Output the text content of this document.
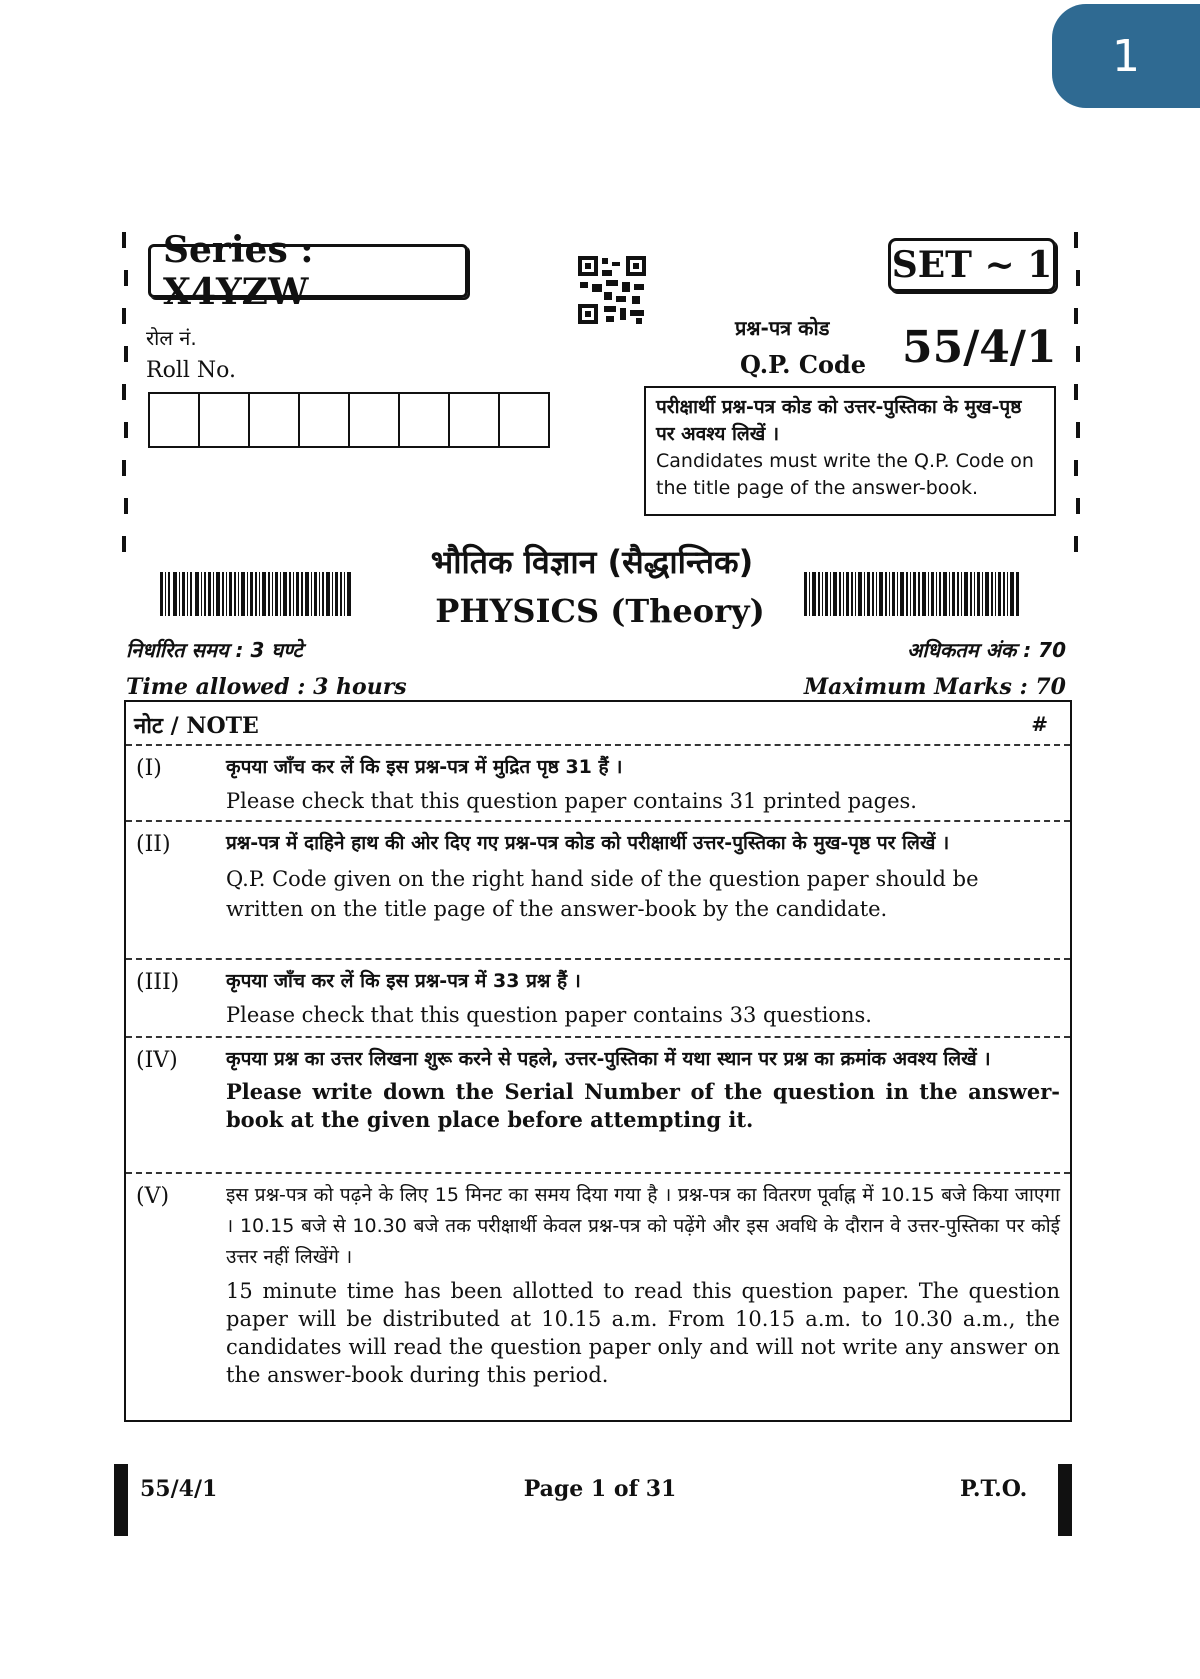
1
Series : X4YZW
SET ~ 1
रोल नं.
Roll No.
प्रश्न-पत्र कोड
Q.P. Code 55/4/1
परीक्षार्थी प्रश्न-पत्र कोड को उत्तर-पुस्तिका के मुख-पृष्ठ पर अवश्य लिखें ।
Candidates must write the Q.P. Code on the title page of the answer-book.
भौतिक विज्ञान (सैद्धान्तिक)
PHYSICS (Theory)
निर्धारित समय : 3 घण्टे
Time allowed : 3 hours
अधिकतम अंक : 70
Maximum Marks : 70
नोट / NOTE	#
(I)	कृपया जाँच कर लें कि इस प्रश्न-पत्र में मुद्रित पृष्ठ 31 हैं ।
Please check that this question paper contains 31 printed pages.
(II)	प्रश्न-पत्र में दाहिने हाथ की ओर दिए गए प्रश्न-पत्र कोड को परीक्षार्थी उत्तर-पुस्तिका के मुख-पृष्ठ पर लिखें ।
Q.P. Code given on the right hand side of the question paper should be written on the title page of the answer-book by the candidate.
(III) कृपया जाँच कर लें कि इस प्रश्न-पत्र में 33 प्रश्न हैं ।
Please check that this question paper contains 33 questions.
(IV)	कृपया प्रश्न का उत्तर लिखना शुरू करने से पहले, उत्तर-पुस्तिका में यथा स्थान पर प्रश्न का क्रमांक अवश्य लिखें ।
Please write down the Serial Number of the question in the answer-book at the given place before attempting it.
(V)	इस प्रश्न-पत्र को पढ़ने के लिए 15 मिनट का समय दिया गया है । प्रश्न-पत्र का वितरण पूर्वाह्न में 10.15 बजे किया जाएगा । 10.15 बजे से 10.30 बजे तक परीक्षार्थी केवल प्रश्न-पत्र को पढ़ेंगे और इस अवधि के दौरान वे उत्तर-पुस्तिका पर कोई उत्तर नहीं लिखेंगे ।
15 minute time has been allotted to read this question paper. The question paper will be distributed at 10.15 a.m. From 10.15 a.m. to 10.30 a.m., the candidates will read the question paper only and will not write any answer on the answer-book during this period.
55/4/1	Page 1 of 31	P.T.O.
